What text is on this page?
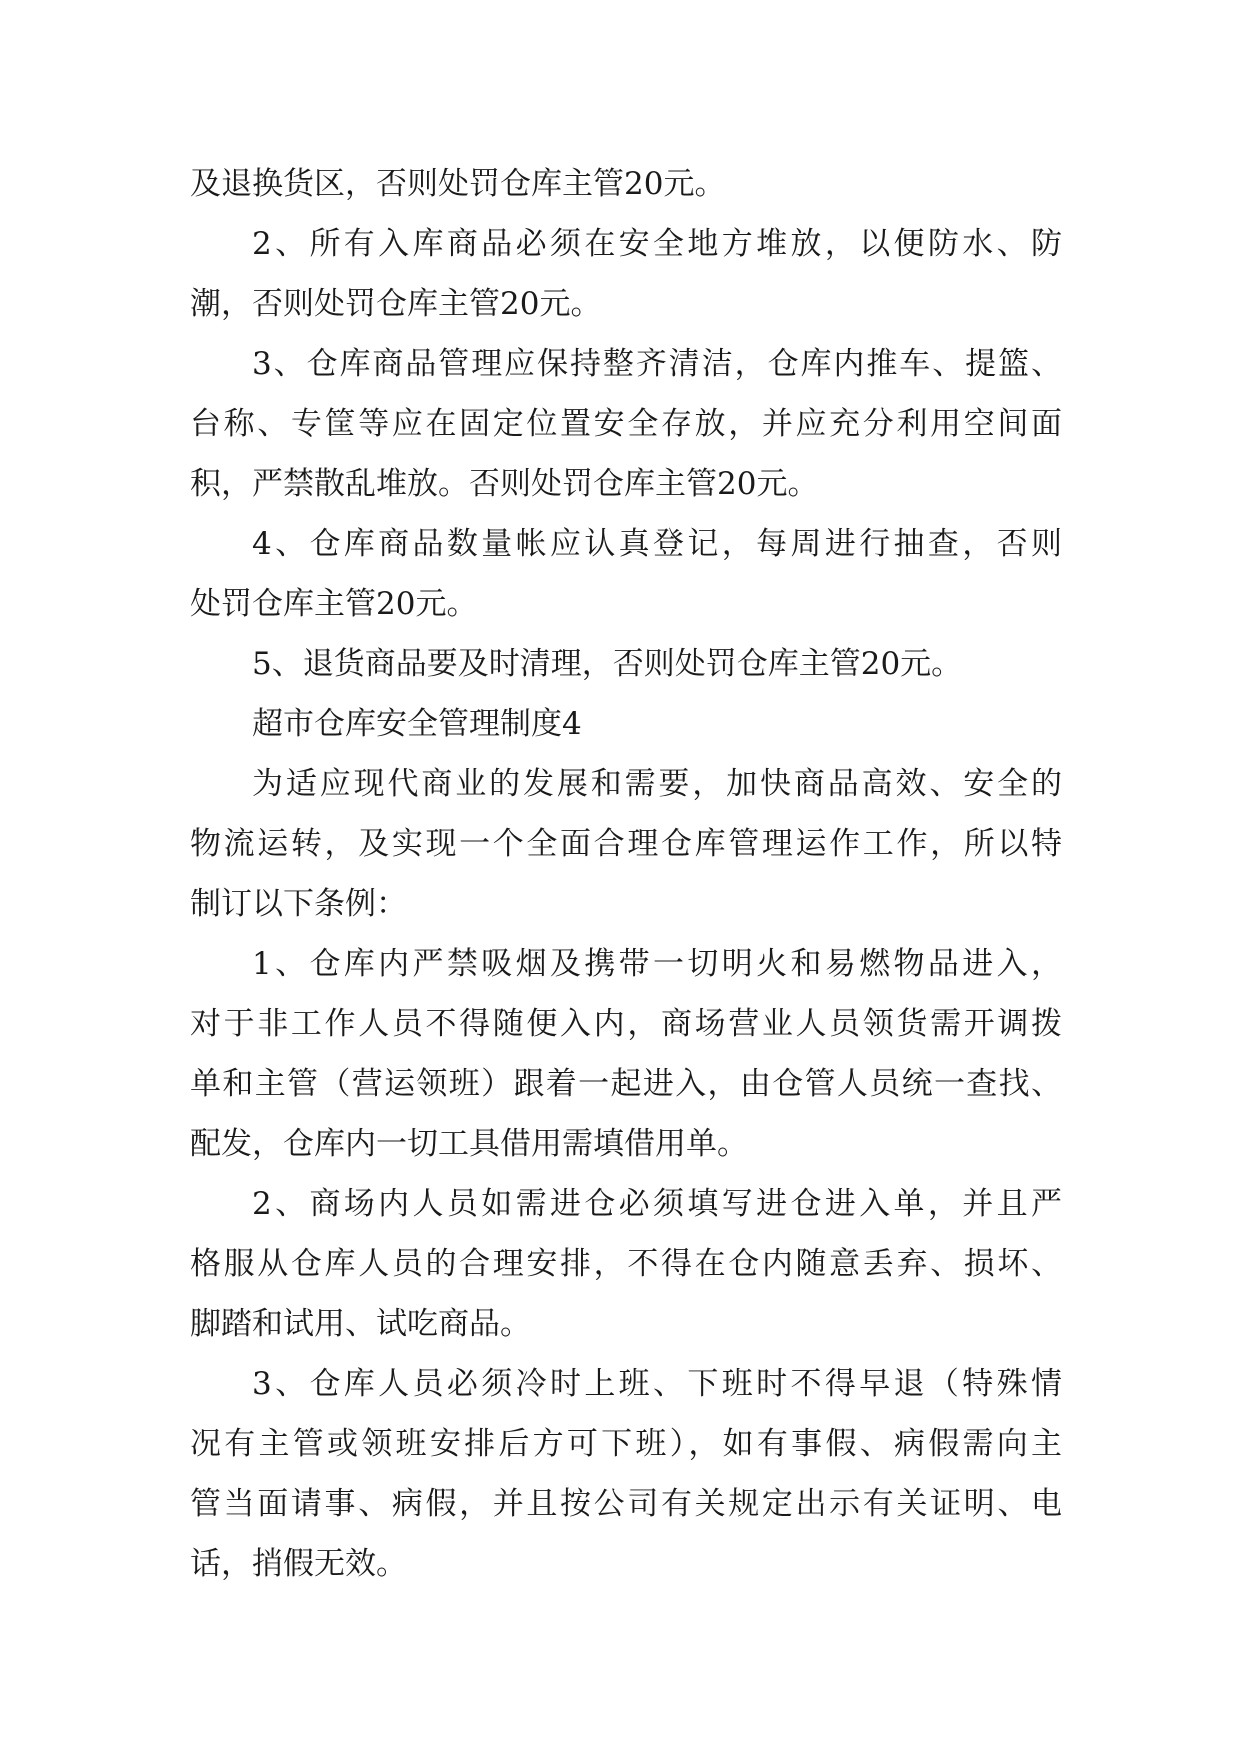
及退换货区，否则处罚仓库主管20元。
2、所有入库商品必须在安全地方堆放，以便防水、防
潮，否则处罚仓库主管20元。
3、仓库商品管理应保持整齐清洁，仓库内推车、提篮、
台称、专筐等应在固定位置安全存放，并应充分利用空间面
积，严禁散乱堆放。否则处罚仓库主管20元。
4、仓库商品数量帐应认真登记，每周进行抽查，否则
处罚仓库主管20元。
5、退货商品要及时清理，否则处罚仓库主管20元。
超市仓库安全管理制度4
为适应现代商业的发展和需要，加快商品高效、安全的
物流运转，及实现一个全面合理仓库管理运作工作，所以特
制订以下条例：
1、仓库内严禁吸烟及携带一切明火和易燃物品进入，
对于非工作人员不得随便入内，商场营业人员领货需开调拨
单和主管（营运领班）跟着一起进入，由仓管人员统一查找、
配发，仓库内一切工具借用需填借用单。
2、商场内人员如需进仓必须填写进仓进入单，并且严
格服从仓库人员的合理安排，不得在仓内随意丢弃、损坏、
脚踏和试用、试吃商品。
3、仓库人员必须冷时上班、下班时不得早退（特殊情
况有主管或领班安排后方可下班），如有事假、病假需向主
管当面请事、病假，并且按公司有关规定出示有关证明、电
话，捎假无效。
